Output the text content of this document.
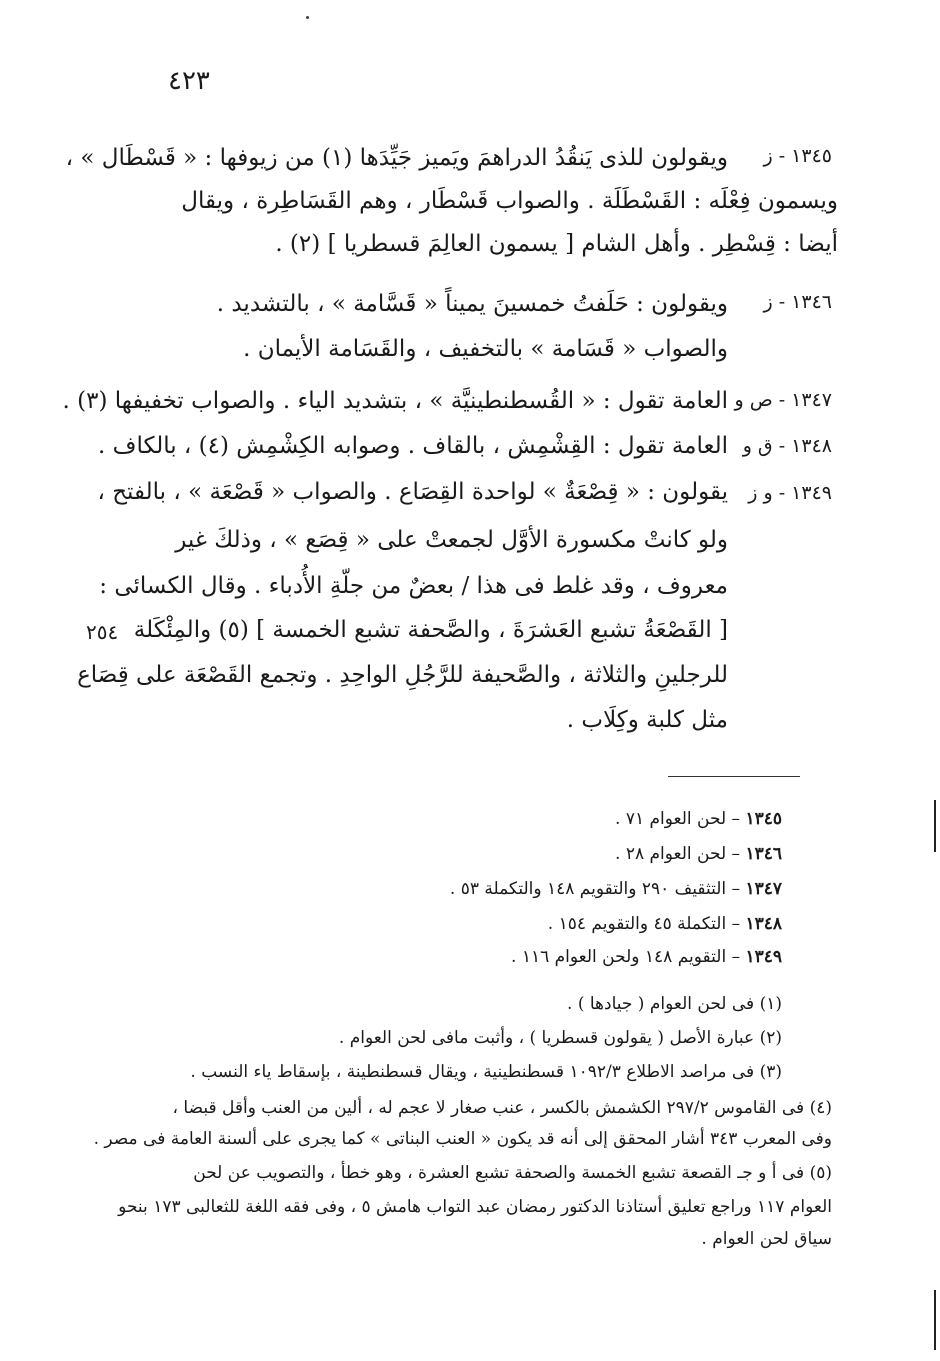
٤٢٣
١٣٤٥ - ز
ويقولون للذى يَنقُدُ الدراهمَ ويَميز جَيِّدَها (١) من زيوفها : « قَسْطَال » ،
ويسمون فِعْلَه : القَسْطَلَة . والصواب قَسْطَار ، وهم القَسَاطِرة ، ويقال
أيضا : قِسْطِر . وأهل الشام [ يسمون العالِمَ قسطريا ] (٢) .
١٣٤٦ - ز
ويقولون : حَلَفتُ خمسينَ يميناً « قَسَّامة » ، بالتشديد .
والصواب « قَسَامة » بالتخفيف ، والقَسَامة الأيمان .
١٣٤٧ - ص و
العامة تقول : « القُسطنطينيَّة » ، بتشديد الياء . والصواب تخفيفها (٣) .
١٣٤٨ - ق و
العامة تقول : القِشْمِش ، بالقاف . وصوابه الكِشْمِش (٤) ، بالكاف .
١٣٤٩ - و ز
يقولون : « قِصْعَةٌ » لواحدة القِصَاع . والصواب « قَصْعَة » ، بالفتح ،
ولو كانتْ مكسورة الأوَّل لجمعتْ على « قِصَع » ، وذلكَ غير
معروف ، وقد غلط فى هذا / بعضٌ من جلّةِ الأُدباء . وقال الكسائى :
[ القَصْعَةُ تشبع العَشرَةَ ، والصَّحفة تشبع الخمسة ] (٥) والمِئْكَلة
للرجلينِ والثلاثة ، والصَّحيفة للرَّجُلِ الواحِدِ . وتجمع القَصْعَة على قِصَاع
مثل كلبة وكِلَاب .
٢٥٤
١٣٤٥ – لحن العوام ٧١ .
١٣٤٦ – لحن العوام ٢٨ .
١٣٤٧ – التثقيف ٢٩٠ والتقويم ١٤٨ والتكملة ٥٣ .
١٣٤٨ – التكملة ٤٥ والتقويم ١٥٤ .
١٣٤٩ – التقويم ١٤٨ ولحن العوام ١١٦ .
(١) فى لحن العوام ( جيادها ) .
(٢) عبارة الأصل ( يقولون قسطريا ) ، وأثبت مافى لحن العوام .
(٣) فى مراصد الاطلاع ١٠٩٢/٣ قسطنطينية ، ويقال قسطنطينة ، بإسقاط ياء النسب .
(٤) فى القاموس ٢٩٧/٢ الكشمش بالكسر ، عنب صغار لا عجم له ، ألين من العنب وأقل قبضا ،
وفى المعرب ٣٤٣ أشار المحقق إلى أنه قد يكون « العنب البناتى » كما يجرى على ألسنة العامة فى مصر .
(٥) فى أ و جـ القصعة تشبع الخمسة والصحفة تشبع العشرة ، وهو خطأ ، والتصويب عن لحن
العوام ١١٧ وراجع تعليق أستاذنا الدكتور رمضان عبد التواب هامش ٥ ، وفى فقه اللغة للثعالبى ١٧٣ بنحو
سياق لحن العوام .
